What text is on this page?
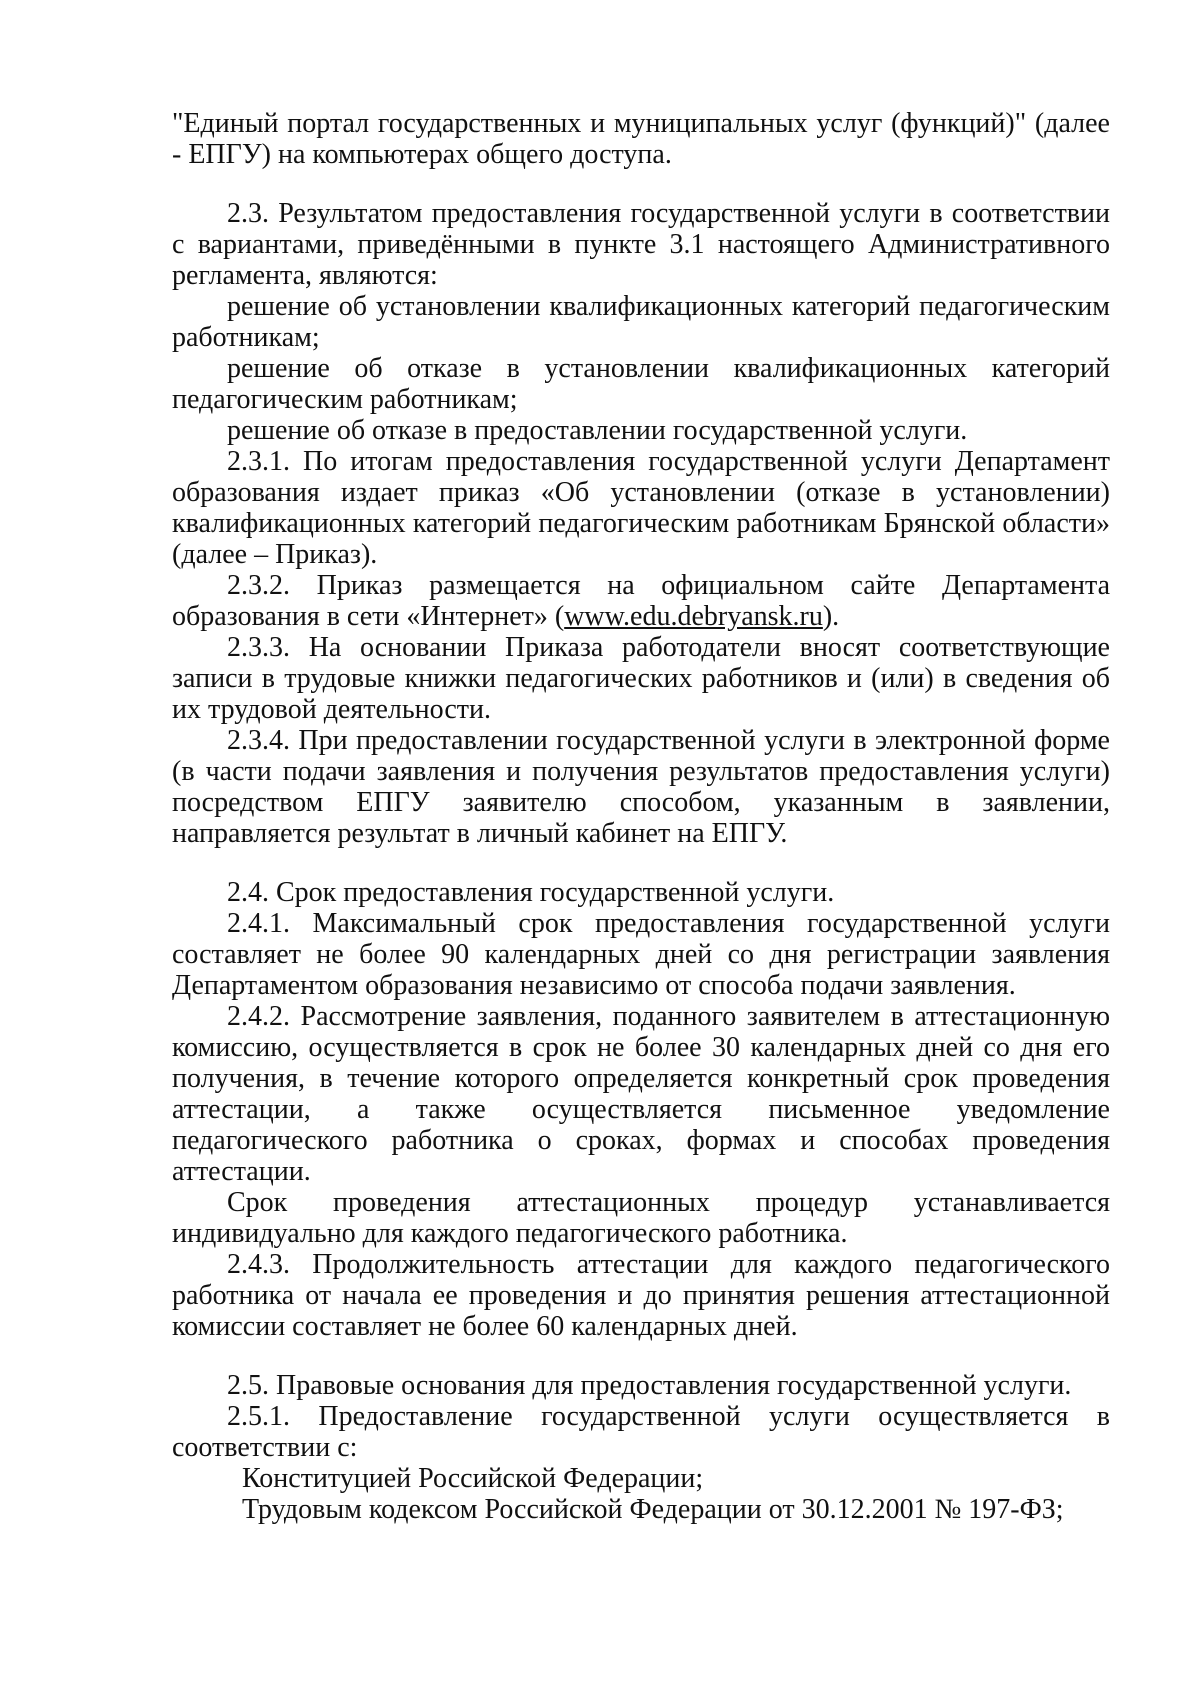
"Единый портал государственных и муниципальных услуг (функций)" (далее - ЕПГУ) на компьютерах общего доступа.

2.3. Результатом предоставления государственной услуги в соответствии с вариантами, приведёнными в пункте 3.1 настоящего Административного регламента, являются:

решение об установлении квалификационных категорий педагогическим работникам;

решение об отказе в установлении квалификационных категорий педагогическим работникам;

решение об отказе в предоставлении государственной услуги.

2.3.1. По итогам предоставления государственной услуги Департамент образования издает приказ «Об установлении (отказе в установлении) квалификационных категорий педагогическим работникам Брянской области» (далее – Приказ).

2.3.2. Приказ размещается на официальном сайте Департамента образования в сети «Интернет» (www.edu.debryansk.ru).

2.3.3. На основании Приказа работодатели вносят соответствующие записи в трудовые книжки педагогических работников и (или) в сведения об их трудовой деятельности.

2.3.4. При предоставлении государственной услуги в электронной форме (в части подачи заявления и получения результатов предоставления услуги) посредством ЕПГУ заявителю способом, указанным в заявлении, направляется результат в личный кабинет на ЕПГУ.

2.4. Срок предоставления государственной услуги.

2.4.1. Максимальный срок предоставления государственной услуги составляет не более 90 календарных дней со дня регистрации заявления Департаментом образования независимо от способа подачи заявления.

2.4.2. Рассмотрение заявления, поданного заявителем в аттестационную комиссию, осуществляется в срок не более 30 календарных дней со дня его получения, в течение которого определяется конкретный срок проведения аттестации, а также осуществляется письменное уведомление педагогического работника о сроках, формах и способах проведения аттестации.

Срок проведения аттестационных процедур устанавливается индивидуально для каждого педагогического работника.

2.4.3. Продолжительность аттестации для каждого педагогического работника от начала ее проведения и до принятия решения аттестационной комиссии составляет не более 60 календарных дней.

2.5. Правовые основания для предоставления государственной услуги.

2.5.1. Предоставление государственной услуги осуществляется в соответствии с:

Конституцией Российской Федерации;

Трудовым кодексом Российской Федерации от 30.12.2001 № 197-ФЗ;
